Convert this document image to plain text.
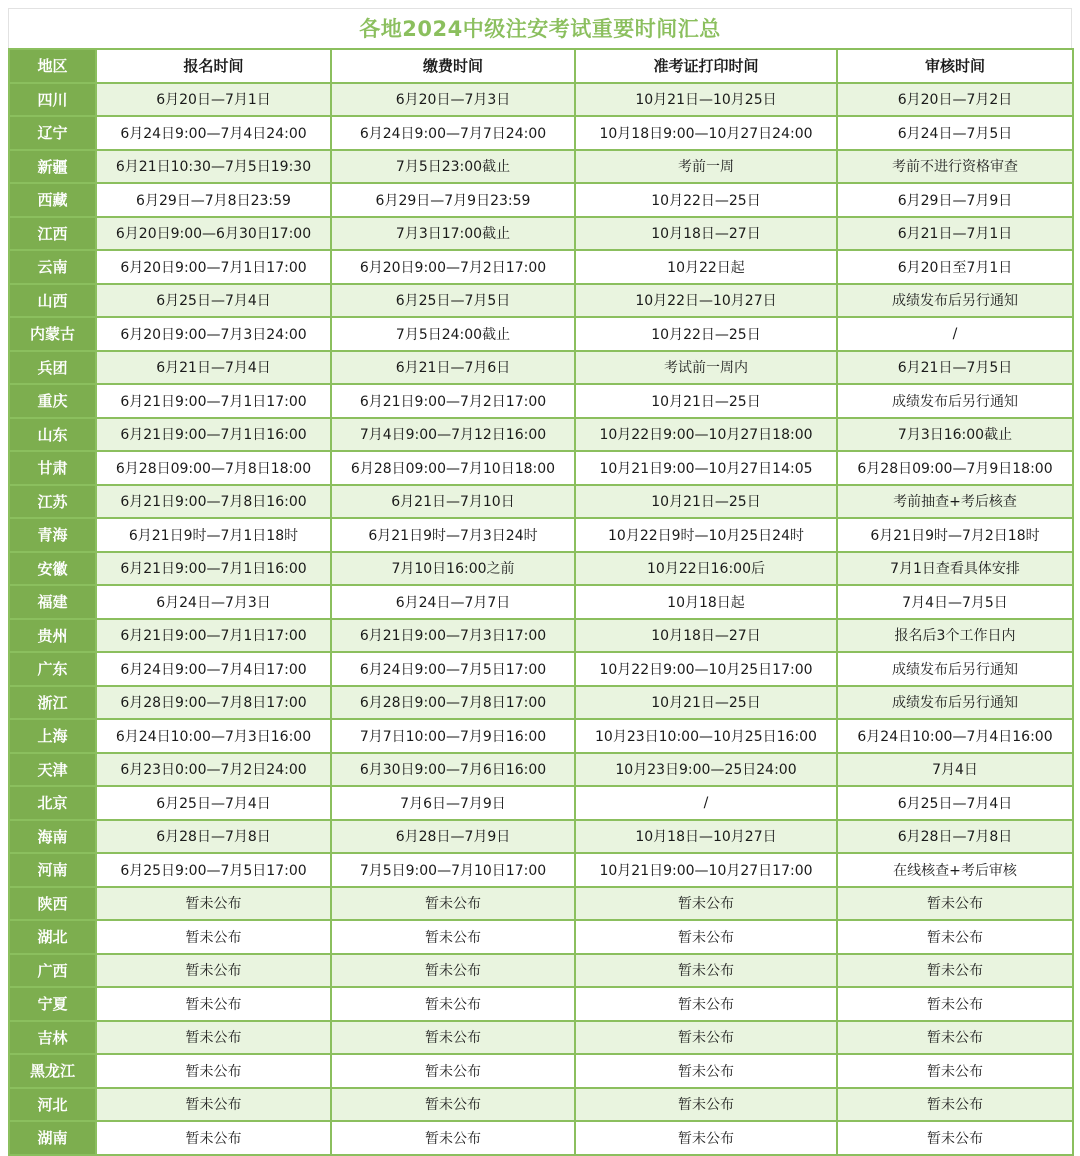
各地2024中级注安考试重要时间汇总
地区	报名时间	缴费时间	准考证打印时间	审核时间
四川	6月20日—7月1日	6月20日—7月3日	10月21日—10月25日	6月20日—7月2日
辽宁	6月24日9:00—7月4日24:00	6月24日9:00—7月7日24:00	10月18日9:00—10月27日24:00	6月24日—7月5日
新疆	6月21日10:30—7月5日19:30	7月5日23:00截止	考前一周	考前不进行资格审查
西藏	6月29日—7月8日23:59	6月29日—7月9日23:59	10月22日—25日	6月29日—7月9日
江西	6月20日9:00—6月30日17:00	7月3日17:00截止	10月18日—27日	6月21日—7月1日
云南	6月20日9:00—7月1日17:00	6月20日9:00—7月2日17:00	10月22日起	6月20日至7月1日
山西	6月25日—7月4日	6月25日—7月5日	10月22日—10月27日	成绩发布后另行通知
内蒙古	6月20日9:00—7月3日24:00	7月5日24:00截止	10月22日—25日	/
兵团	6月21日—7月4日	6月21日—7月6日	考试前一周内	6月21日—7月5日
重庆	6月21日9:00—7月1日17:00	6月21日9:00—7月2日17:00	10月21日—25日	成绩发布后另行通知
山东	6月21日9:00—7月1日16:00	7月4日9:00—7月12日16:00	10月22日9:00—10月27日18:00	7月3日16:00截止
甘肃	6月28日09:00—7月8日18:00	6月28日09:00—7月10日18:00	10月21日9:00—10月27日14:05	6月28日09:00—7月9日18:00
江苏	6月21日9:00—7月8日16:00	6月21日—7月10日	10月21日—25日	考前抽查+考后核查
青海	6月21日9时—7月1日18时	6月21日9时—7月3日24时	10月22日9时—10月25日24时	6月21日9时—7月2日18时
安徽	6月21日9:00—7月1日16:00	7月10日16:00之前	10月22日16:00后	7月1日查看具体安排
福建	6月24日—7月3日	6月24日—7月7日	10月18日起	7月4日—7月5日
贵州	6月21日9:00—7月1日17:00	6月21日9:00—7月3日17:00	10月18日—27日	报名后3个工作日内
广东	6月24日9:00—7月4日17:00	6月24日9:00—7月5日17:00	10月22日9:00—10月25日17:00	成绩发布后另行通知
浙江	6月28日9:00—7月8日17:00	6月28日9:00—7月8日17:00	10月21日—25日	成绩发布后另行通知
上海	6月24日10:00—7月3日16:00	7月7日10:00—7月9日16:00	10月23日10:00—10月25日16:00	6月24日10:00—7月4日16:00
天津	6月23日0:00—7月2日24:00	6月30日9:00—7月6日16:00	10月23日9:00—25日24:00	7月4日
北京	6月25日—7月4日	7月6日—7月9日	/	6月25日—7月4日
海南	6月28日—7月8日	6月28日—7月9日	10月18日—10月27日	6月28日—7月8日
河南	6月25日9:00—7月5日17:00	7月5日9:00—7月10日17:00	10月21日9:00—10月27日17:00	在线核查+考后审核
陕西	暂未公布	暂未公布	暂未公布	暂未公布
湖北	暂未公布	暂未公布	暂未公布	暂未公布
广西	暂未公布	暂未公布	暂未公布	暂未公布
宁夏	暂未公布	暂未公布	暂未公布	暂未公布
吉林	暂未公布	暂未公布	暂未公布	暂未公布
黑龙江	暂未公布	暂未公布	暂未公布	暂未公布
河北	暂未公布	暂未公布	暂未公布	暂未公布
湖南	暂未公布	暂未公布	暂未公布	暂未公布
